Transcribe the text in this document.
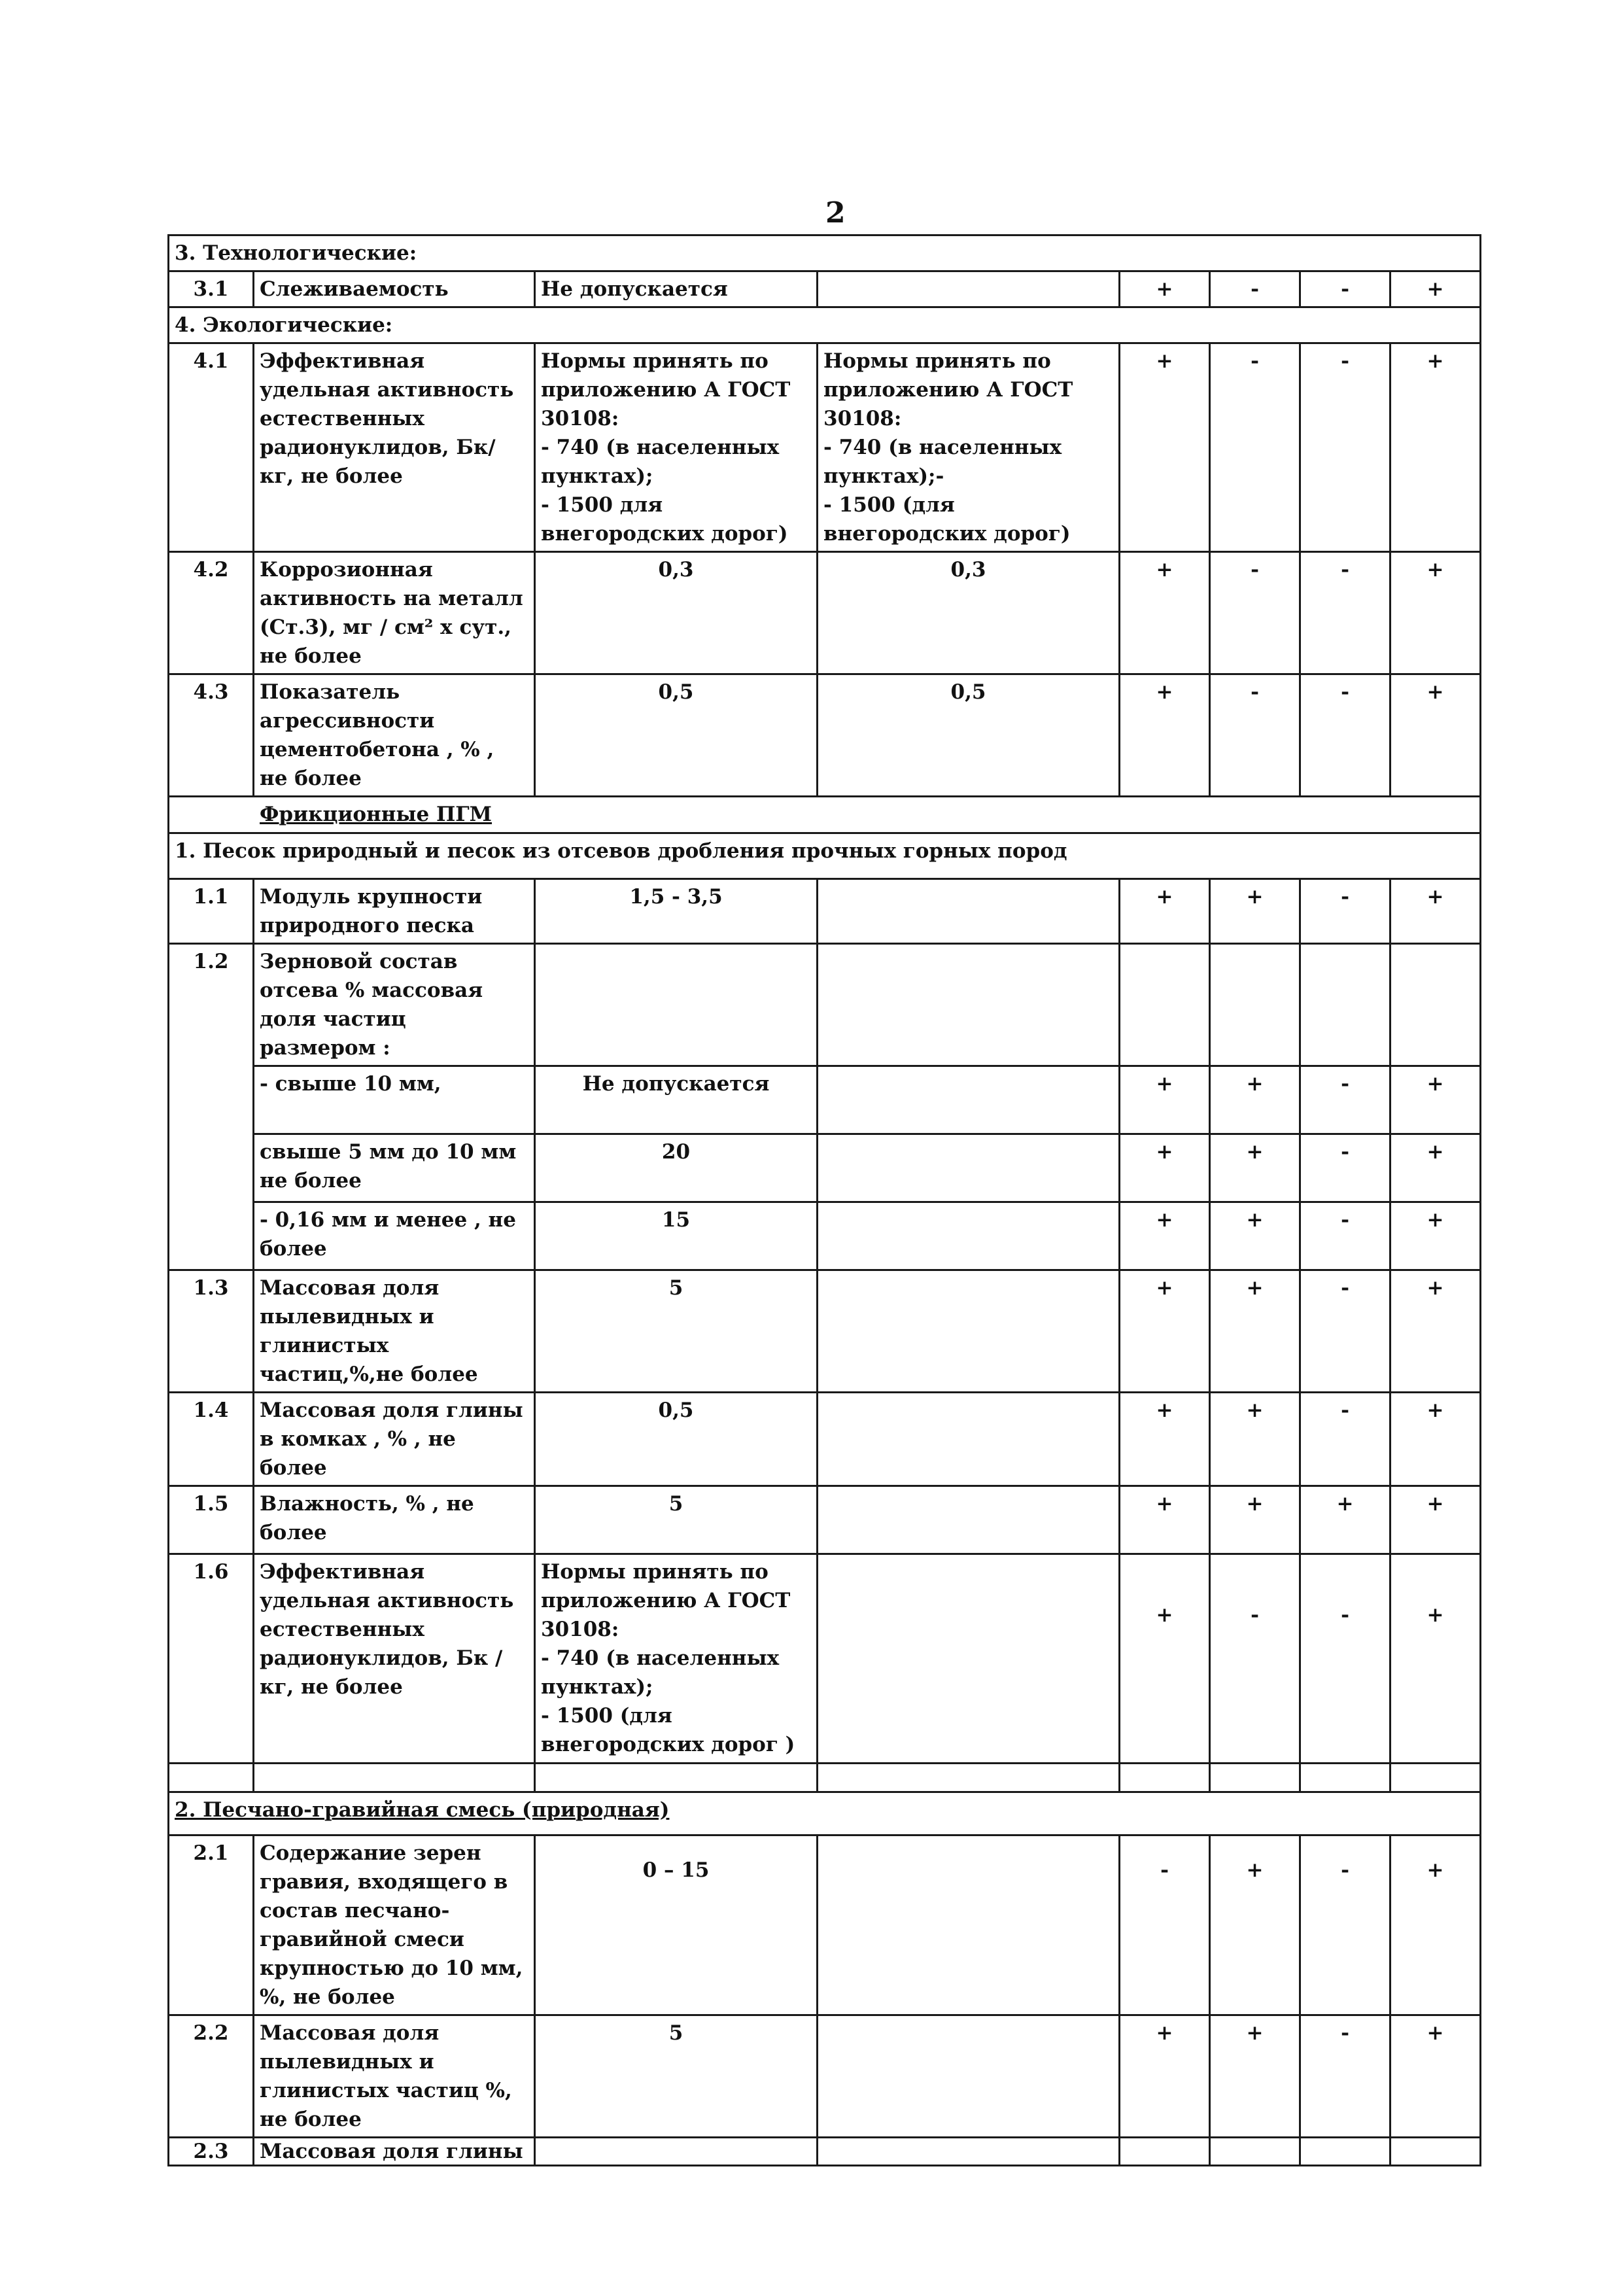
2
3. Технологические:							
3.1	Слеживаемость	Не допускается		+	-	-	+
4. Экологические:							
4.1	Эффективная удельная активность естественных радионуклидов, Бк/кг, не более	Нормы принять по приложению А ГОСТ 30108:
- 740 (в населенных пунктах);
- 1500 для внегородских дорог)	Нормы принять по приложению А ГОСТ 30108:
- 740 (в населенных пунктах);-
- 1500 (для внегородских дорог)	+	-	-	+
4.2	Коррозионная активность на металл (Ст.3), мг / см² х сут., не более	0,3	0,3	+	-	-	+
4.3	Показатель агрессивности цементобетона , % , не более	0,5	0,5	+	-	-	+
Фрикционные ПГМ							
1. Песок природный и песок из отсевов дробления прочных горных пород							
1.1	Модуль крупности природного песка	1,5 - 3,5		+	+	-	+
1.2	Зерновой состав отсева % массовая доля частиц размером :						
	- свыше 10 мм,	Не допускается		+	+	-	+
	свыше 5 мм до 10 мм не более	20		+	+	-	+
	- 0,16 мм и менее , не более	15		+	+	-	+
1.3	Массовая доля пылевидных и глинистых частиц,%,не более	5		+	+	-	+
1.4	Массовая доля глины в комках , % , не более	0,5		+	+	-	+
1.5	Влажность, % , не более	5		+	+	+	+
1.6	Эффективная удельная активность естественных радионуклидов, Бк / кг, не более	Нормы принять по приложению А ГОСТ 30108:
- 740 (в населенных пунктах);
- 1500 (для внегородских дорог )		+	-	-	+

2. Песчано-гравийная смесь (природная)							
2.1	Содержание зерен гравия, входящего в состав песчано-гравийной смеси крупностью до 10 мм, %, не более	0 – 15		-	+	-	+
2.2	Массовая доля пылевидных и глинистых частиц %, не более	5		+	+	-	+
2.3	Массовая доля глины						
